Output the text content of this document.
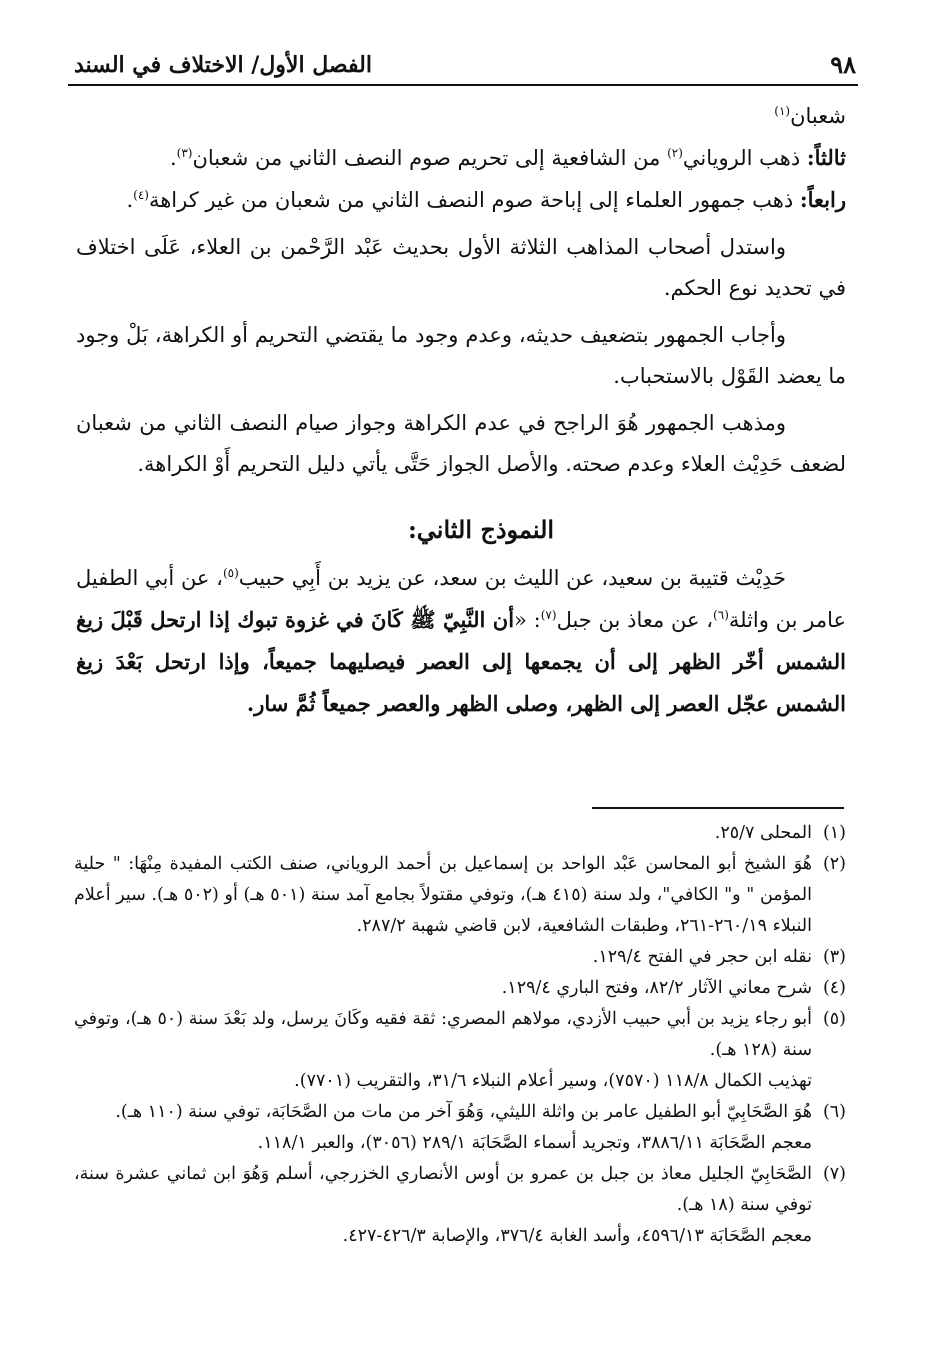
٩٨
الفصل الأول/ الاختلاف في السند

شعبان$^{(١)}$

ثالثاً: ذهب الروياني$^{(٢)}$ من الشافعية إلى تحريم صوم النصف الثاني من شعبان$^{(٣)}$.

رابعاً: ذهب جمهور العلماء إلى إباحة صوم النصف الثاني من شعبان من غير كراهة$^{(٤)}$.

واستدل أصحاب المذاهب الثلاثة الأول بحديث عَبْد الرَّحْمن بن العلاء، عَلَى اختلاف في تحديد نوع الحكم.

وأجاب الجمهور بتضعيف حديثه، وعدم وجود ما يقتضي التحريم أو الكراهة، بَلْ وجود ما يعضد القَوْل بالاستحباب.

ومذهب الجمهور هُوَ الراجح في عدم الكراهة وجواز صيام النصف الثاني من شعبان لضعف حَدِيْث العلاء وعدم صحته. والأصل الجواز حَتَّى يأتي دليل التحريم أَوْ الكراهة.

النموذج الثاني:

حَدِيْث قتيبة بن سعيد، عن الليث بن سعد، عن يزيد بن أَبِي حبيب$^{(٥)}$، عن أبي الطفيل عامر بن واثلة$^{(٦)}$، عن معاذ بن جبل$^{(٧)}$: «أن النَّبِيّ ﷺ كَانَ في غزوة تبوك إذا ارتحل قَبْلَ زيغ الشمس أخّر الظهر إلى أن يجمعها إلى العصر فيصليهما جميعاً، وإذا ارتحل بَعْدَ زيغ الشمس عجّل العصر إلى الظهر، وصلى الظهر والعصر جميعاً ثُمَّ سار.

(١)المحلى ٢٥/٧.

(٢)هُوَ الشيخ أبو المحاسن عَبْد الواحد بن إسماعيل بن أحمد الروياني، صنف الكتب المفيدة مِنْهَا: " حلية المؤمن " و" الكافي"، ولد سنة (٤١٥ هـ)، وتوفي مقتولاً بجامع آمد سنة (٥٠١ هـ) أو (٥٠٢ هـ). سير أعلام النبلاء ٢٦٠/١٩-٢٦١، وطبقات الشافعية، لابن قاضي شهبة ٢٨٧/٢.

(٣)نقله ابن حجر في الفتح ١٢٩/٤.

(٤)شرح معاني الآثار ٨٢/٢، وفتح الباري ١٢٩/٤.

(٥)أبو رجاء يزيد بن أبي حبيب الأزدي، مولاهم المصري: ثقة فقيه وكَانَ يرسل، ولد بَعْدَ سنة (٥٠ هـ)، وتوفي سنة (١٢٨ هـ).

تهذيب الكمال ١١٨/٨ (٧٥٧٠)، وسير أعلام النبلاء ٣١/٦، والتقريب (٧٧٠١).

(٦)هُوَ الصَّحَابِيّ أبو الطفيل عامر بن واثلة الليثي، وَهُوَ آخر من مات من الصَّحَابَة، توفي سنة (١١٠ هـ).

معجم الصَّحَابَة ٣٨٨٦/١١، وتجريد أسماء الصَّحَابَة ٢٨٩/١ (٣٠٥٦)، والعبر ١١٨/١.

(٧)الصَّحَابِيّ الجليل معاذ بن جبل بن عمرو بن أوس الأنصاري الخزرجي، أسلم وَهُوَ ابن ثماني عشرة سنة، توفي سنة (١٨ هـ).

معجم الصَّحَابَة ٤٥٩٦/١٣، وأسد الغابة ٣٧٦/٤، والإصابة ٤٢٦/٣-٤٢٧.
